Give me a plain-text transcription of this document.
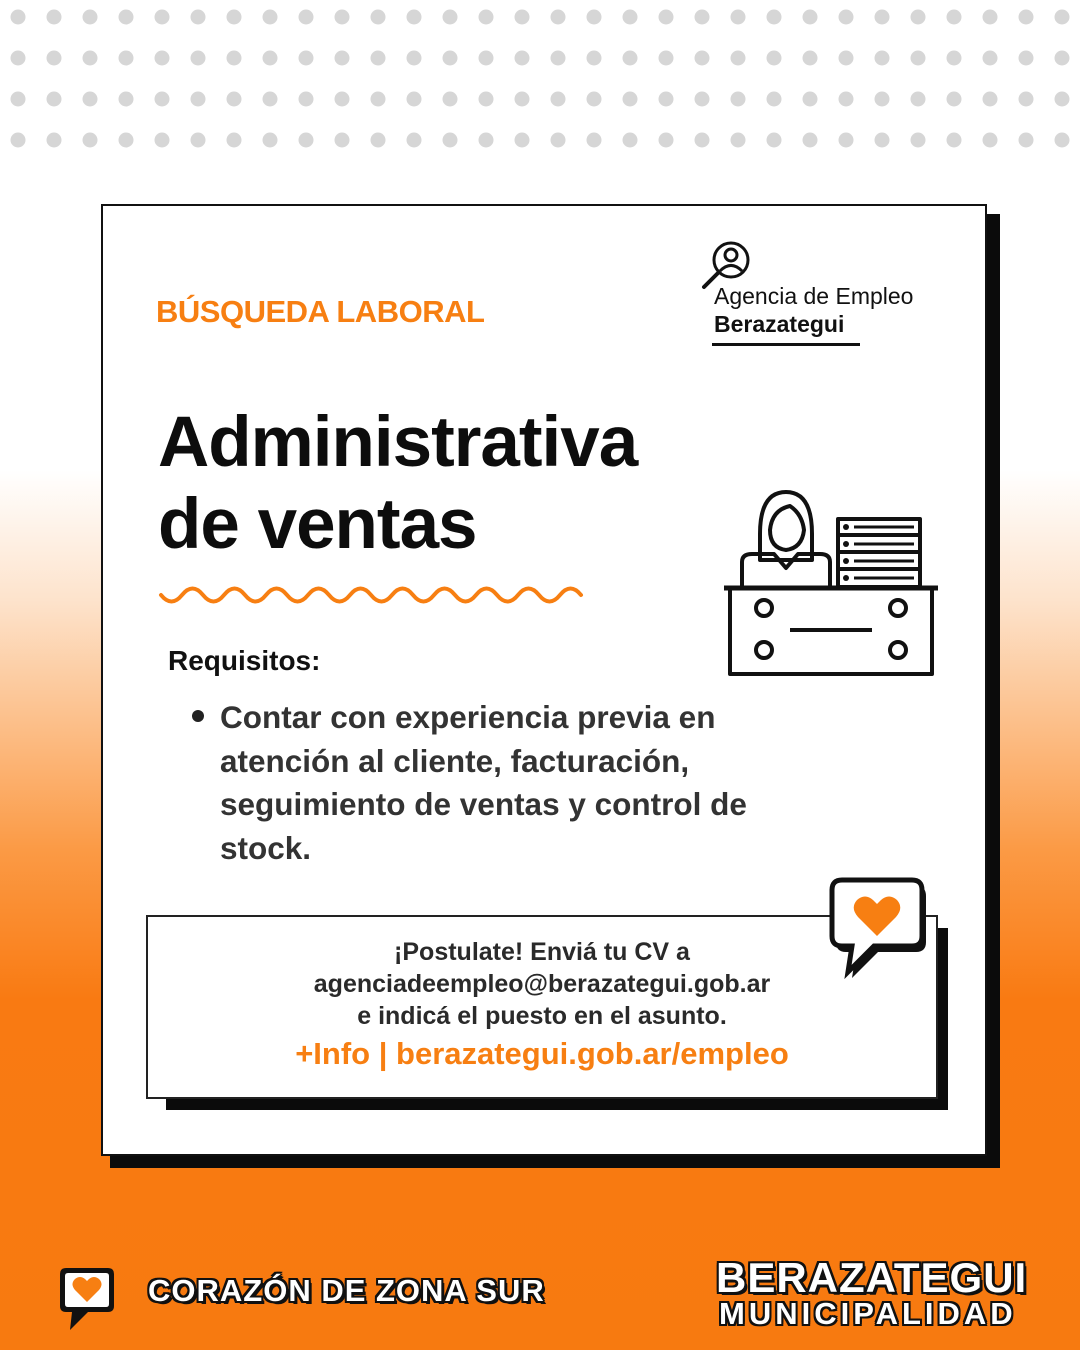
BÚSQUEDA LABORAL	Agencia de Empleo
Berazategui
Administrativa
de ventas
Requisitos:
Contar con experiencia previa en atención al cliente, facturación, seguimiento de ventas y control de stock.
¡Postulate! Enviá tu CV a
agenciadeempleo@berazategui.gob.ar
e indicá el puesto en el asunto.
+Info | berazategui.gob.ar/empleo
CORAZÓN DE ZONA SUR	BERAZATEGUI
MUNICIPALIDAD
